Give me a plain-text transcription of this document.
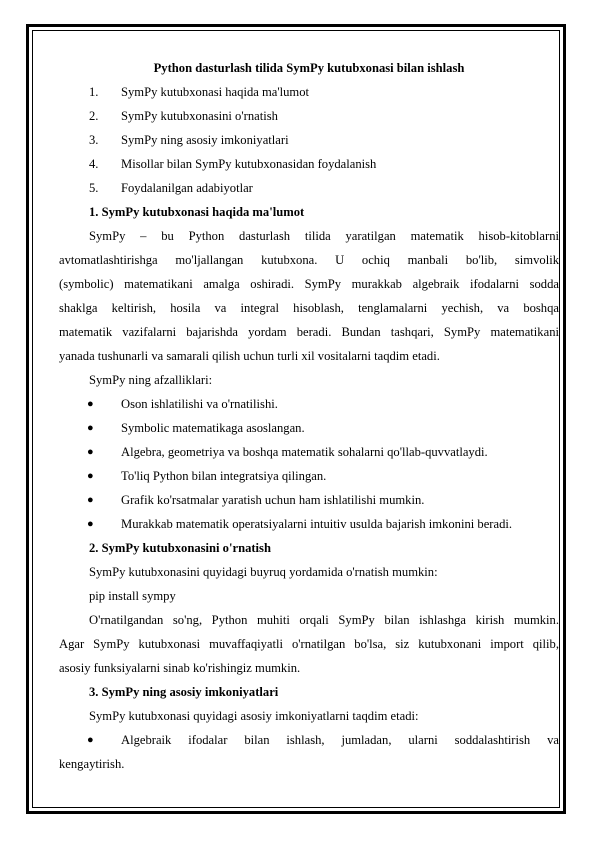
Python dasturlash tilida SymPy kutubxonasi bilan ishlash
1. SymPy kutubxonasi haqida ma'lumot
2. SymPy kutubxonasini o'rnatish
3. SymPy ning asosiy imkoniyatlari
4. Misollar bilan SymPy kutubxonasidan foydalanish
5. Foydalanilgan adabiyotlar
1. SymPy kutubxonasi haqida ma'lumot
SymPy – bu Python dasturlash tilida yaratilgan matematik hisob-kitoblarni
avtomatlashtirishga mo'ljallangan kutubxona. U ochiq manbali bo'lib, simvolik
(symbolic) matematikani amalga oshiradi. SymPy murakkab algebraik ifodalarni sodda
shaklga keltirish, hosila va integral hisoblash, tenglamalarni yechish, va boshqa
matematik vazifalarni bajarishda yordam beradi. Bundan tashqari, SymPy matematikani
yanada tushunarli va samarali qilish uchun turli xil vositalarni taqdim etadi.
SymPy ning afzalliklari:
● Oson ishlatilishi va o'rnatilishi.
● Symbolic matematikaga asoslangan.
● Algebra, geometriya va boshqa matematik sohalarni qo'llab-quvvatlaydi.
● To'liq Python bilan integratsiya qilingan.
● Grafik ko'rsatmalar yaratish uchun ham ishlatilishi mumkin.
● Murakkab matematik operatsiyalarni intuitiv usulda bajarish imkonini beradi.
2. SymPy kutubxonasini o'rnatish
SymPy kutubxonasini quyidagi buyruq yordamida o'rnatish mumkin:
pip install sympy
O'rnatilgandan so'ng, Python muhiti orqali SymPy bilan ishlashga kirish mumkin.
Agar SymPy kutubxonasi muvaffaqiyatli o'rnatilgan bo'lsa, siz kutubxonani import qilib,
asosiy funksiyalarni sinab ko'rishingiz mumkin.
3. SymPy ning asosiy imkoniyatlari
SymPy kutubxonasi quyidagi asosiy imkoniyatlarni taqdim etadi:
● Algebraik ifodalar bilan ishlash, jumladan, ularni soddalashtirish va
kengaytirish.
